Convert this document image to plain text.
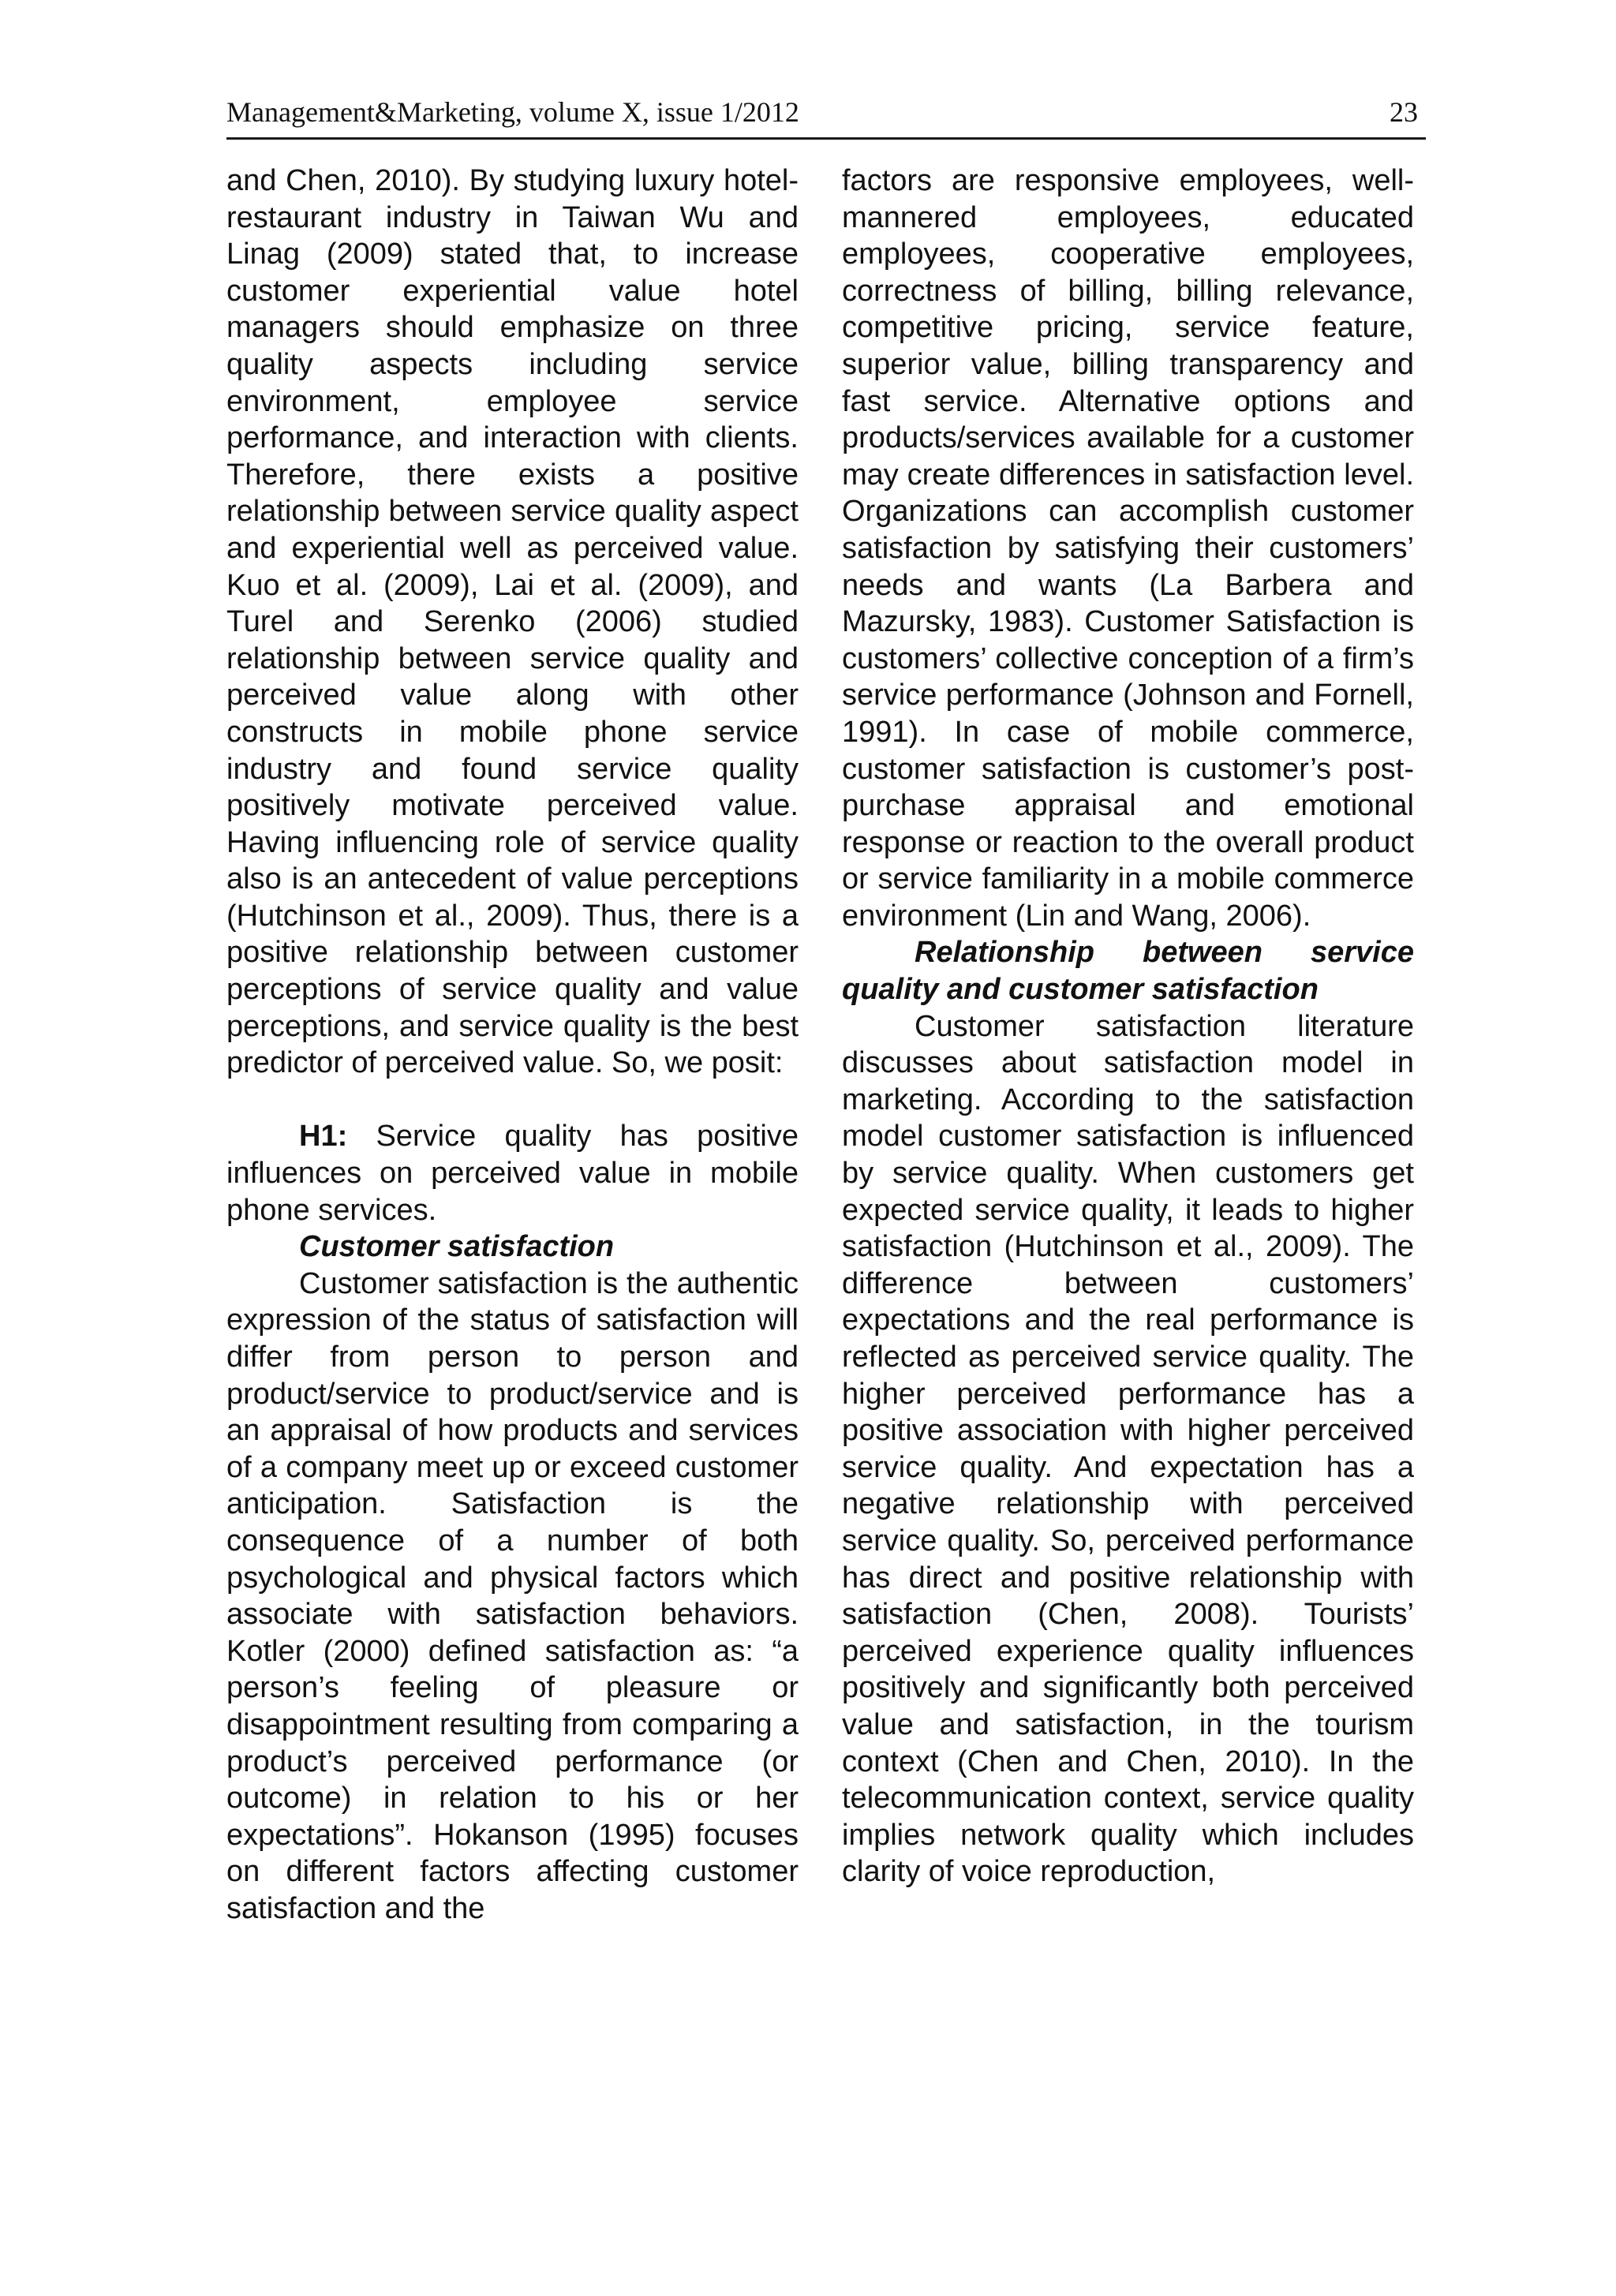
Management&Marketing, volume X, issue 1/2012	23

and Chen, 2010). By studying luxury hotel-restaurant industry in Taiwan Wu and Linag (2009) stated that, to increase customer experiential value hotel managers should emphasize on three quality aspects including service environment, employee service performance, and interaction with clients. Therefore, there exists a positive relationship between service quality aspect and experiential well as perceived value. Kuo et al. (2009), Lai et al. (2009), and Turel and Serenko (2006) studied relationship between service quality and perceived value along with other constructs in mobile phone service industry and found service quality positively motivate perceived value. Having influencing role of service quality also is an antecedent of value perceptions (Hutchinson et al., 2009). Thus, there is a positive relationship between customer perceptions of service quality and value perceptions, and service quality is the best predictor of perceived value. So, we posit:

H1: Service quality has positive influences on perceived value in mobile phone services.

Customer satisfaction

Customer satisfaction is the authentic expression of the status of satisfaction will differ from person to person and product/service to product/service and is an appraisal of how products and services of a company meet up or exceed customer anticipation. Satisfaction is the consequence of a number of both psychological and physical factors which associate with satisfaction behaviors. Kotler (2000) defined satisfaction as: “a person’s feeling of pleasure or disappointment resulting from comparing a product’s perceived performance (or outcome) in relation to his or her expectations”. Hokanson (1995) focuses on different factors affecting customer satisfaction and the

factors are responsive employees, well-mannered employees, educated employees, cooperative employees, correctness of billing, billing relevance, competitive pricing, service feature, superior value, billing transparency and fast service. Alternative options and products/services available for a customer may create differences in satisfaction level. Organizations can accomplish customer satisfaction by satisfying their customers’ needs and wants (La Barbera and Mazursky, 1983). Customer Satisfaction is customers’ collective conception of a firm’s service performance (Johnson and Fornell, 1991). In case of mobile commerce, customer satisfaction is customer’s post-purchase appraisal and emotional response or reaction to the overall product or service familiarity in a mobile commerce environment (Lin and Wang, 2006).

Relationship between service quality and customer satisfaction

Customer satisfaction literature discusses about satisfaction model in marketing. According to the satisfaction model customer satisfaction is influenced by service quality. When customers get expected service quality, it leads to higher satisfaction (Hutchinson et al., 2009). The difference between customers’ expectations and the real performance is reflected as perceived service quality. The higher perceived performance has a positive association with higher perceived service quality. And expectation has a negative relationship with perceived service quality. So, perceived performance has direct and positive relationship with satisfaction (Chen, 2008). Tourists’ perceived experience quality influences positively and significantly both perceived value and satisfaction, in the tourism context (Chen and Chen, 2010). In the telecommunication context, service quality implies network quality which includes clarity of voice reproduction,
